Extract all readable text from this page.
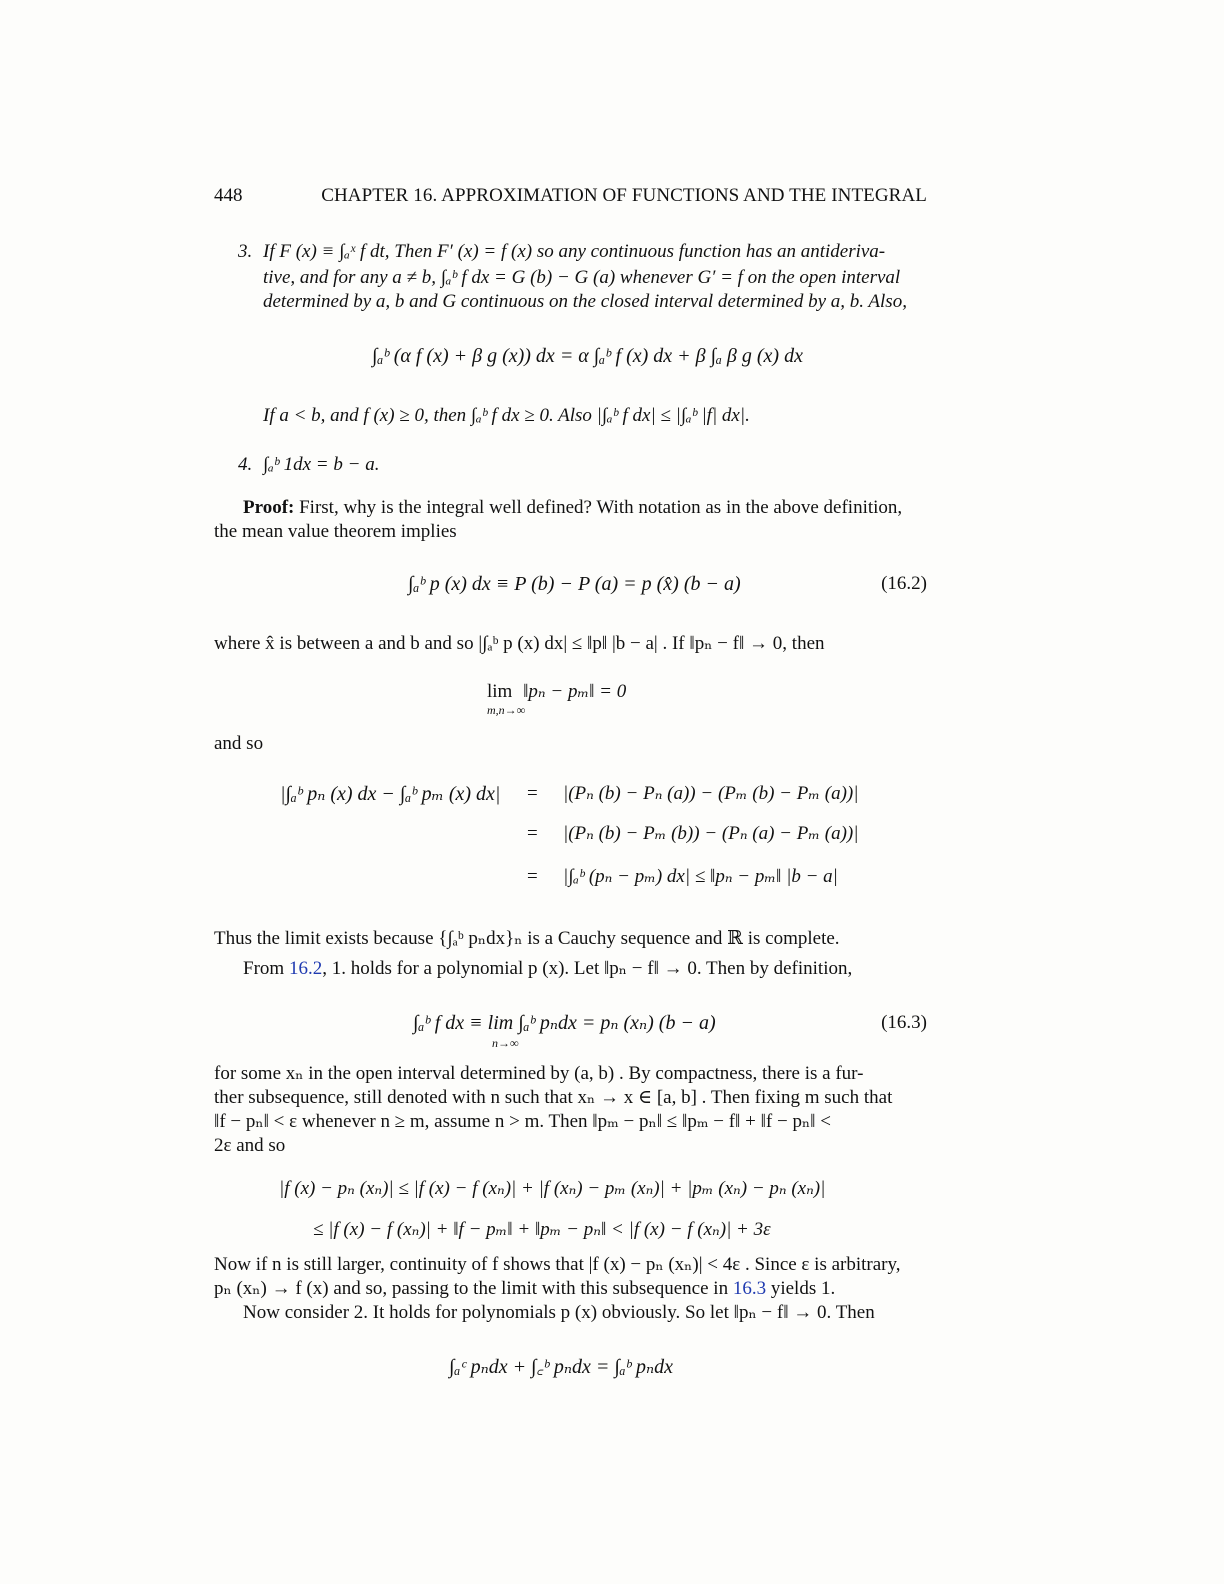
448	CHAPTER 16. APPROXIMATION OF FUNCTIONS AND THE INTEGRAL
3. If F (x) ≡ ∫ₐˣ f dt, Then F′ (x) = f (x) so any continuous function has an antideriva-
tive, and for any a ≠ b, ∫ₐᵇ f dx = G (b) − G (a) whenever G′ = f on the open interval
determined by a, b and G continuous on the closed interval determined by a, b. Also,
∫ₐᵇ (α f (x) + β g (x)) dx = α ∫ₐᵇ f (x) dx + β ∫ₐ β g (x) dx
If a < b, and f (x) ≥ 0, then ∫ₐᵇ f dx ≥ 0. Also |∫ₐᵇ f dx| ≤ |∫ₐᵇ |f| dx|.
4. ∫ₐᵇ 1dx = b − a.
Proof: First, why is the integral well defined? With notation as in the above definition,
the mean value theorem implies
∫ₐᵇ p (x) dx ≡ P (b) − P (a) = p (x̂) (b − a)	(16.2)
where x̂ is between a and b and so |∫ₐᵇ p (x) dx| ≤ ‖p‖ |b − a| . If ‖pₙ − f‖ → 0, then
lim ‖pₙ − pₘ‖ = 0
m,n→∞
and so
|∫ₐᵇ pₙ (x) dx − ∫ₐᵇ pₘ (x) dx| = |(Pₙ (b) − Pₙ (a)) − (Pₘ (b) − Pₘ (a))|
= |(Pₙ (b) − Pₘ (b)) − (Pₙ (a) − Pₘ (a))|
= |∫ₐᵇ (pₙ − pₘ) dx| ≤ ‖pₙ − pₘ‖ |b − a|
Thus the limit exists because {∫ₐᵇ pₙdx}ₙ is a Cauchy sequence and ℝ is complete.
From 16.2, 1. holds for a polynomial p (x). Let ‖pₙ − f‖ → 0. Then by definition,
∫ₐᵇ f dx ≡ lim ∫ₐᵇ pₙdx = pₙ (xₙ) (b − a)
n→∞
(16.3)
for some xₙ in the open interval determined by (a, b) . By compactness, there is a fur-
ther subsequence, still denoted with n such that xₙ → x ∈ [a, b] . Then fixing m such that
‖f − pₙ‖ < ε whenever n ≥ m, assume n > m. Then ‖pₘ − pₙ‖ ≤ ‖pₘ − f‖ + ‖f − pₙ‖ <
2ε and so
|f (x) − pₙ (xₙ)| ≤ |f (x) − f (xₙ)| + |f (xₙ) − pₘ (xₙ)| + |pₘ (xₙ) − pₙ (xₙ)|
≤ |f (x) − f (xₙ)| + ‖f − pₘ‖ + ‖pₘ − pₙ‖ < |f (x) − f (xₙ)| + 3ε
Now if n is still larger, continuity of f shows that |f (x) − pₙ (xₙ)| < 4ε . Since ε is arbitrary,
pₙ (xₙ) → f (x) and so, passing to the limit with this subsequence in 16.3 yields 1.
Now consider 2. It holds for polynomials p (x) obviously. So let ‖pₙ − f‖ → 0. Then
∫ₐᶜ pₙdx + ∫꜀ᵇ pₙdx = ∫ₐᵇ pₙdx
